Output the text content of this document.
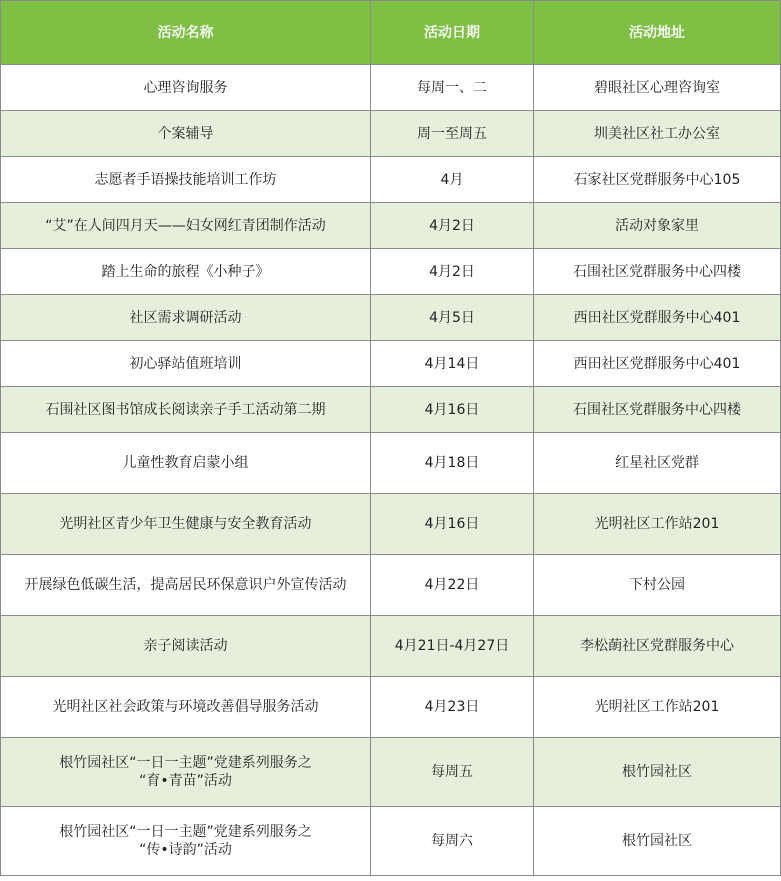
活动名称	活动日期	活动地址
心理咨询服务	每周一、二	碧眼社区心理咨询室
个案辅导	周一至周五	圳美社区社工办公室
志愿者手语操技能培训工作坊	4月	石家社区党群服务中心105
“艾”在人间四月天——妇女网红青团制作活动	4月2日	活动对象家里
踏上生命的旅程《小种子》	4月2日	石围社区党群服务中心四楼
社区需求调研活动	4月5日	西田社区党群服务中心401
初心驿站值班培训	4月14日	西田社区党群服务中心401
石围社区图书馆成长阅读亲子手工活动第二期	4月16日	石围社区党群服务中心四楼
儿童性教育启蒙小组	4月18日	红星社区党群
光明社区青少年卫生健康与安全教育活动	4月16日	光明社区工作站201
开展绿色低碳生活，提高居民环保意识户外宣传活动	4月22日	下村公园
亲子阅读活动	4月21日-4月27日	李松蓢社区党群服务中心
光明社区社会政策与环境改善倡导服务活动	4月23日	光明社区工作站201

根竹园社区“一日一主题”党建系列服务之
“育•青苗”活动	每周五	根竹园社区

根竹园社区“一日一主题”党建系列服务之
“传•诗韵”活动	每周六	根竹园社区
